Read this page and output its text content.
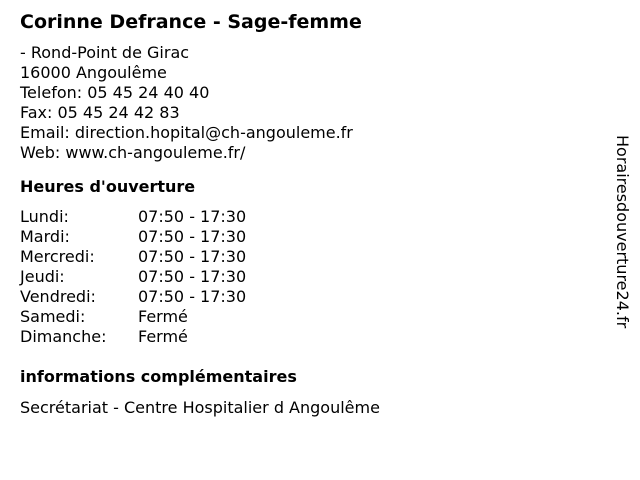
Corinne Defrance - Sage-femme
- Rond-Point de Girac
16000 Angoulême
Telefon: 05 45 24 40 40
Fax: 05 45 24 42 83
Email: direction.hopital@ch-angouleme.fr
Web: www.ch-angouleme.fr/
Heures d'ouverture
Lundi:	07:50 - 17:30
Mardi:	07:50 - 17:30
Mercredi:	07:50 - 17:30
Jeudi:	07:50 - 17:30
Vendredi:	07:50 - 17:30
Samedi:	Fermé
Dimanche: Fermé
informations complémentaires
Secrétariat - Centre Hospitalier d Angoulême
Horairesdouverture24.fr
